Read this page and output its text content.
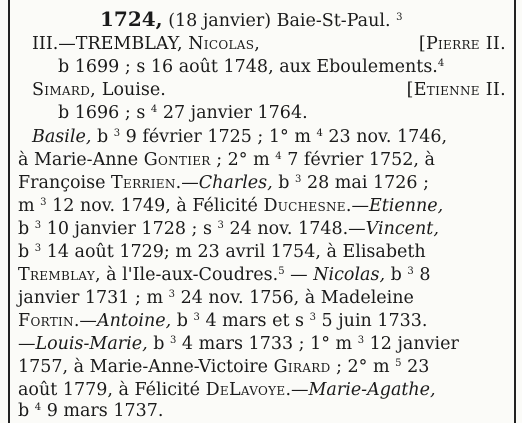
1724, (18 janvier) Baie-St-Paul. $^3$
III.—TREMBLAY, Nicolas,	[Pierre II.
b 1699 ; s 16 août 1748, aux Eboulements.$^4$
Simard, Louise.	[Etienne II.
b 1696 ; s $^4$ 27 janvier 1764.
Basile, b $^3$ 9 février 1725 ; 1° m $^4$ 23 nov. 1746,
à Marie-Anne Gontier ; 2° m $^4$ 7 février 1752, à
Françoise Terrien.—Charles, b $^3$ 28 mai 1726 ;
m $^3$ 12 nov. 1749, à Félicité Duchesne.—Etienne,
b $^3$ 10 janvier 1728 ; s $^3$ 24 nov. 1748.—Vincent,
b $^3$ 14 août 1729; m 23 avril 1754, à Elisabeth
Tremblay, à l'Ile-aux-Coudres.$^5$ — Nicolas, b $^3$ 8
janvier 1731 ; m $^3$ 24 nov. 1756, à Madeleine
Fortin.—Antoine, b $^3$ 4 mars et s $^3$ 5 juin 1733.
—Louis-Marie, b $^3$ 4 mars 1733 ; 1° m $^3$ 12 janvier
1757, à Marie-Anne-Victoire Girard ; 2° m $^5$ 23
août 1779, à Félicité DeLavoye.—Marie-Agathe,
b $^4$ 9 mars 1737.
